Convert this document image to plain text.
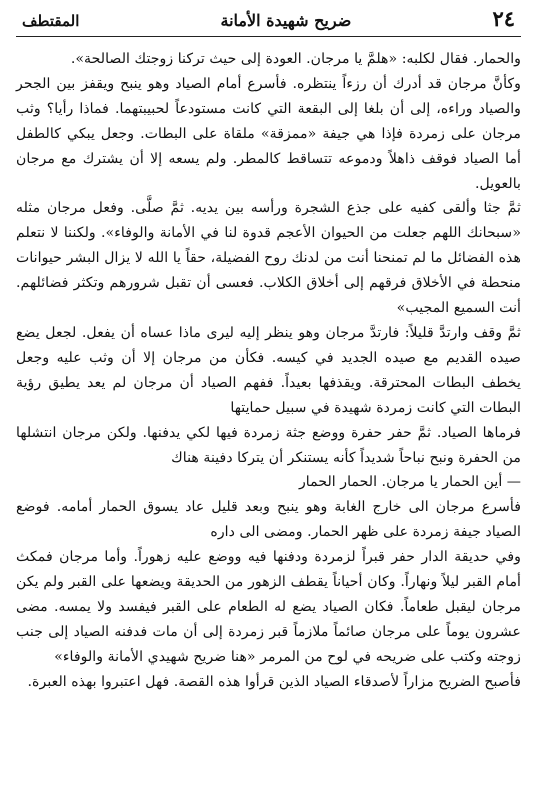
٢٤
ضريح شهيدة الأمانة
المقتطف

والحمار. فقال لكلبه: «هلمَّ يا مرجان. العودة إلى حيث تركنا زوجتك الصالحة».

وكأنَّ مرجان قد أدرك أن رزءاً ينتظره. فأسرع أمام الصياد وهو ينبح ويقفز بين الجحر والصياد وراءه، إلى أن بلغا إلى البقعة التي كانت مستودعاً لحبيبتهما. فماذا رأيا؟ وثب مرجان على زمردة فإذا هي جيفة «ممزقة» ملقاة على البطات. وجعل يبكي كالطفل أما الصياد فوقف ذاهلاً ودموعه تتساقط كالمطر. ولم يسعه إلا أن يشترك مع مرجان بالعويل.

ثمَّ جثا وألقى كفيه على جذع الشجرة ورأسه بين يديه. ثمَّ صلَّى. وفعل مرجان مثله «سبحانك اللهم جعلت من الحيوان الأعجم قدوة لنا في الأمانة والوفاء». ولكننا لا نتعلم هذه الفضائل ما لم تمنحنا أنت من لدنك روح الفضيلة، حقاً يا الله لا يزال البشر حيوانات منحطة في الأخلاق فرقهم إلى أخلاق الكلاب. فعسى أن تقبل شرورهم وتكثر فضائلهم. أنت السميع المجيب»

ثمَّ وقف وارتدَّ قليلاً: فارتدَّ مرجان وهو ينظر إليه ليرى ماذا عساه أن يفعل. لجعل يضع صيده القديم مع صيده الجديد في كيسه. فكأن من مرجان إلا أن وثب عليه وجعل يخطف البطات المحترقة. ويقذفها بعيداً. ففهم الصياد أن مرجان لم يعد يطيق رؤية البطات التي كانت زمردة شهيدة في سبيل حمايتها

فرماها الصياد. ثمَّ حفر حفرة ووضع جثة زمردة فيها لكي يدفنها. ولكن مرجان انتشلها من الحفرة ونبح نباحاً شديداً كأنه يستنكر أن يتركا دفينة هناك

— أين الحمار يا مرجان. الحمار الحمار

فأسرع مرجان الى خارج الغابة وهو ينبح وبعد قليل عاد يسوق الحمار أمامه. فوضع الصياد جيفة زمردة على ظهر الحمار. ومضى الى داره

وفي حديقة الدار حفر قبراً لزمردة ودفنها فيه ووضع عليه زهوراً. وأما مرجان فمكث أمام القبر ليلاً ونهاراً. وكان أحياناً يقطف الزهور من الحديقة ويضعها على القبر ولم يكن مرجان ليقبل طعاماً. فكان الصياد يضع له الطعام على القبر فيفسد ولا يمسه. مضى عشرون يوماً على مرجان صائماً ملازماً قبر زمردة إلى أن مات فدفنه الصياد إلى جنب زوجته وكتب على ضريحه في لوح من المرمر «هنا ضريح شهيدي الأمانة والوفاء»

فأصبح الضريح مزاراً لأصدقاء الصياد الذين قرأوا هذه القصة. فهل اعتبروا بهذه العبرة.
